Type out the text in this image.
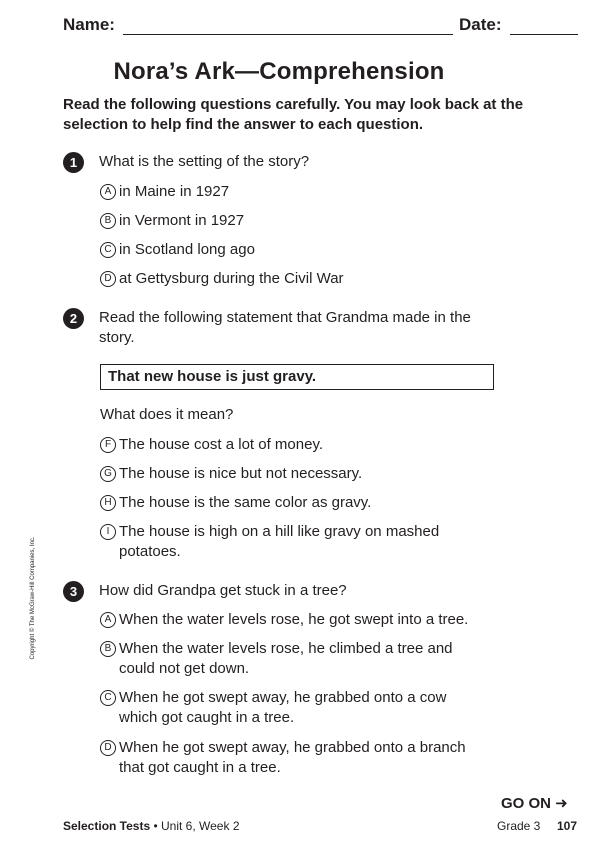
Name:	Date:
Nora’s Ark—Comprehension
Read the following questions carefully. You may look back at the selection to help find the answer to each question.
1	What is the setting of the story?
A in Maine in 1927
B in Vermont in 1927
C in Scotland long ago
D at Gettysburg during the Civil War
2	Read the following statement that Grandma made in the story.
That new house is just gravy.
What does it mean?
F The house cost a lot of money.
G The house is nice but not necessary.
H The house is the same color as gravy.
I The house is high on a hill like gravy on mashed potatoes.
3	How did Grandpa get stuck in a tree?
A When the water levels rose, he got swept into a tree.
B When the water levels rose, he climbed a tree and could not get down.
C When he got swept away, he grabbed onto a cow which got caught in a tree.
D When he got swept away, he grabbed onto a branch that got caught in a tree.
Copyright © The McGraw-Hill Companies, Inc.
GO ON ➜
Selection Tests • Unit 6, Week 2	Grade 3 107
